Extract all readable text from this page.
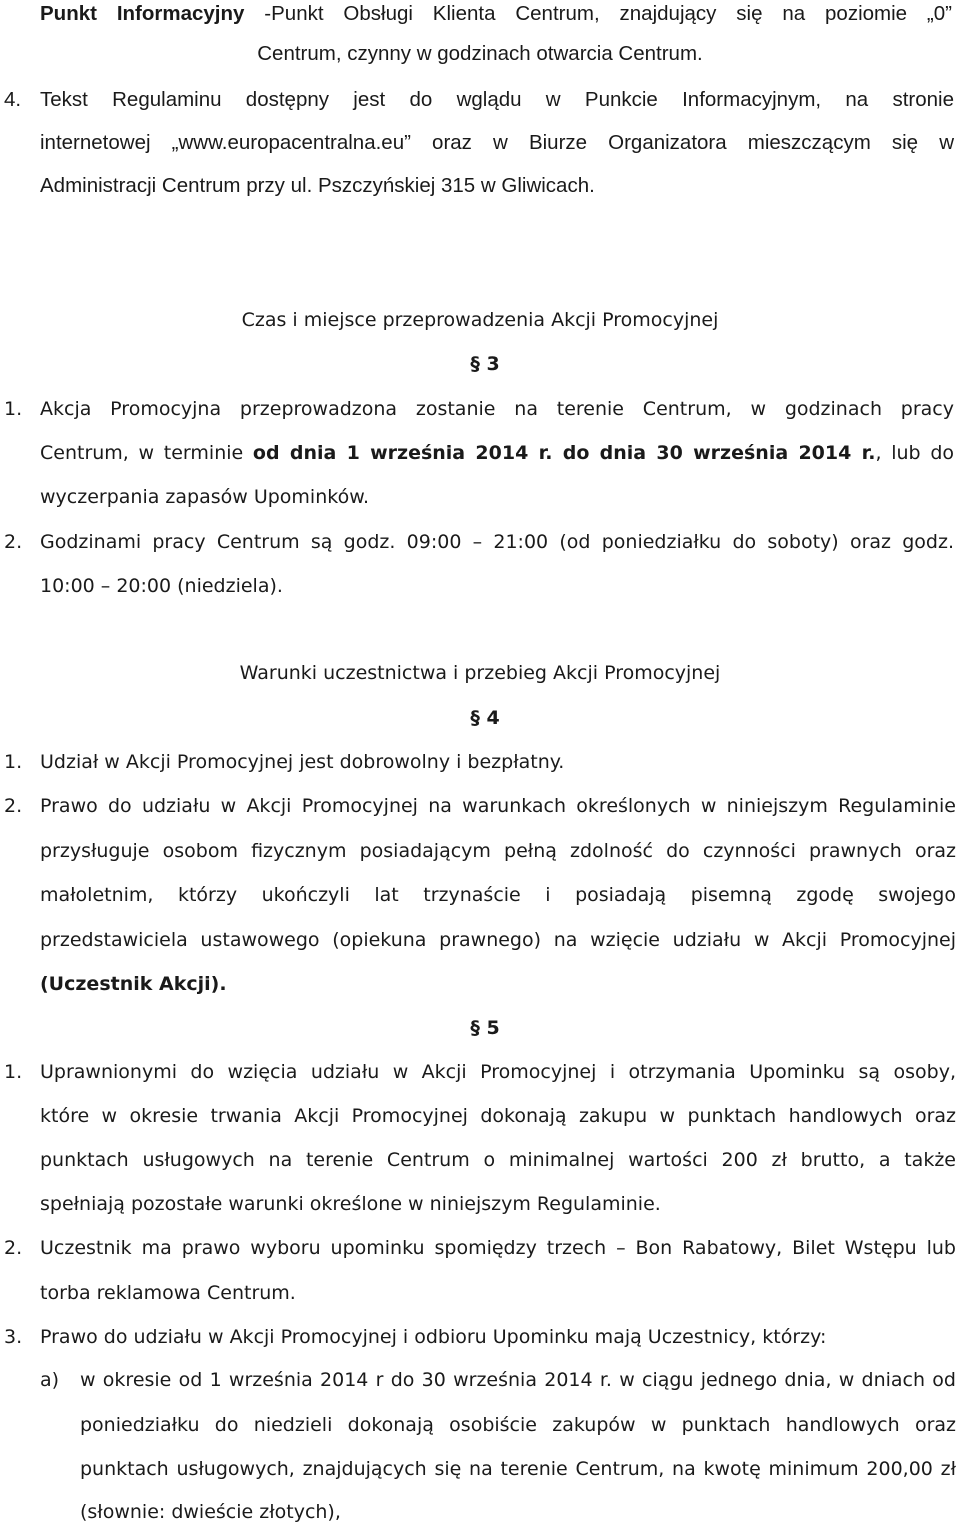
Punkt Informacyjny -Punkt Obsługi Klienta Centrum, znajdujący się na poziomie „0”
Centrum, czynny w godzinach otwarcia Centrum.
4. Tekst Regulaminu dostępny jest do wglądu w Punkcie Informacyjnym, na stronie
internetowej „www.europacentralna.eu” oraz w Biurze Organizatora mieszczącym się w
Administracji Centrum przy ul. Pszczyńskiej 315 w Gliwicach.
Czas i miejsce przeprowadzenia Akcji Promocyjnej
§ 3
1. Akcja Promocyjna przeprowadzona zostanie na terenie Centrum, w godzinach pracy
Centrum, w terminie od dnia 1 września 2014 r. do dnia 30 września 2014 r., lub do
wyczerpania zapasów Upominków.
2. Godzinami pracy Centrum są godz. 09:00 – 21:00 (od poniedziałku do soboty) oraz godz.
10:00 – 20:00 (niedziela).
Warunki uczestnictwa i przebieg Akcji Promocyjnej
§ 4
1. Udział w Akcji Promocyjnej jest dobrowolny i bezpłatny.
2. Prawo do udziału w Akcji Promocyjnej na warunkach określonych w niniejszym Regulaminie
przysługuje osobom fizycznym posiadającym pełną zdolność do czynności prawnych oraz
małoletnim, którzy ukończyli lat trzynaście i posiadają pisemną zgodę swojego
przedstawiciela ustawowego (opiekuna prawnego) na wzięcie udziału w Akcji Promocyjnej
(Uczestnik Akcji).
§ 5
1. Uprawnionymi do wzięcia udziału w Akcji Promocyjnej i otrzymania Upominku są osoby,
które w okresie trwania Akcji Promocyjnej dokonają zakupu w punktach handlowych oraz
punktach usługowych na terenie Centrum o minimalnej wartości 200 zł brutto, a także
spełniają pozostałe warunki określone w niniejszym Regulaminie.
2. Uczestnik ma prawo wyboru upominku spomiędzy trzech – Bon Rabatowy, Bilet Wstępu lub
torba reklamowa Centrum.
3. Prawo do udziału w Akcji Promocyjnej i odbioru Upominku mają Uczestnicy, którzy:
a)	w okresie od 1 września 2014 r do 30 września 2014 r. w ciągu jednego dnia, w dniach od
poniedziałku do niedzieli dokonają osobiście zakupów w punktach handlowych oraz
punktach usługowych, znajdujących się na terenie Centrum, na kwotę minimum 200,00 zł
(słownie: dwieście złotych),
